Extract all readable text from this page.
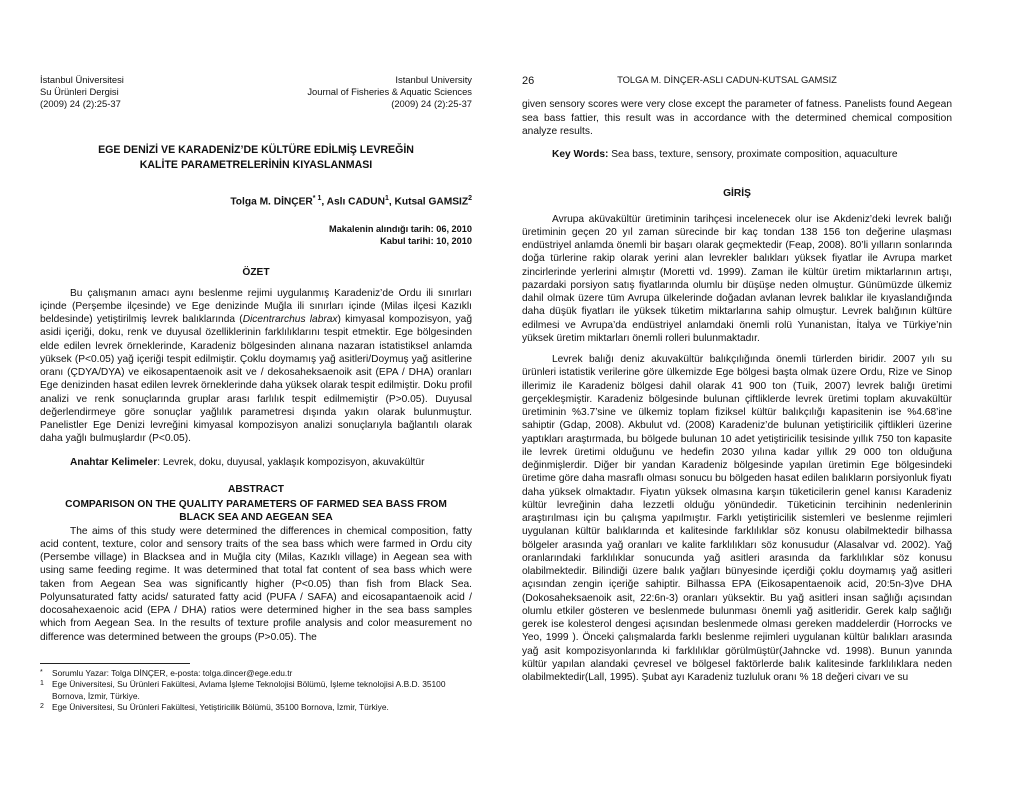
İstanbul Üniversitesi
Su Ürünleri Dergisi
(2009) 24 (2):25-37
Istanbul University
Journal of Fisheries & Aquatic Sciences
(2009) 24 (2):25-37
EGE DENİZİ VE KARADENİZ’DE KÜLTÜRE EDİLMİŞ LEVREĞİN
KALİTE PARAMETRELERİNİN KIYASLANMASI
Tolga M. DİNÇER$^{* 1}$, Aslı CADUN$^1$, Kutsal GAMSIZ$^2$
Makalenin alındığı tarih: 06, 2010
Kabul tarihi: 10, 2010
ÖZET

Bu çalışmanın amacı aynı beslenme rejimi uygulanmış Karadeniz’de Ordu ili sınırları içinde (Perşembe ilçesinde) ve Ege denizinde Muğla ili sınırları içinde (Milas ilçesi Kazıklı beldesinde) yetiştirilmiş levrek balıklarında (Dicentrarchus labrax) kimyasal kompozisyon, yağ asidi içeriği, doku, renk ve duyusal özelliklerinin farklılıklarını tespit etmektir. Ege bölgesinden elde edilen levrek örneklerinde, Karadeniz bölgesinden alınana nazaran istatistiksel anlamda yüksek (P<0.05) yağ içeriği tespit edilmiştir. Çoklu doymamış yağ asitleri/Doymuş yağ asitlerine oranı (ÇDYA/DYA) ve eikosapentaenoik asit ve / dekosaheksaenoik asit (EPA / DHA) oranları Ege denizinden hasat edilen levrek örneklerinde daha yüksek olarak tespit edilmiştir. Doku profil analizi ve renk sonuçlarında gruplar arası farlılık tespit edilmemiştir (P>0.05). Duyusal değerlendirmeye göre sonuçlar yağlılık parametresi dışında yakın olarak bulunmuştur. Panelistler Ege Denizi levreğini kimyasal kompozisyon analizi sonuçlarıyla bağlantılı olarak daha yağlı bulmuşlardır (P<0.05).

Anahtar Kelimeler: Levrek, doku, duyusal, yaklaşık kompozisyon, akuvakültür

ABSTRACT
COMPARISON ON THE QUALITY PARAMETERS OF FARMED SEA BASS FROM
BLACK SEA AND AEGEAN SEA

The aims of this study were determined the differences in chemical composition, fatty acid content, texture, color and sensory traits of the sea bass which were farmed in Ordu city (Persembe village) in Blacksea and in Muğla city (Milas, Kazıklı village) in Aegean sea with using same feeding regime. It was determined that total fat content of sea bass which were taken from Aegean Sea was significantly higher (P<0.05) than fish from Black Sea. Polyunsaturated fatty acids/ saturated fatty acid (PUFA / SAFA) and eicosapantaenoik acid / docosahexaenoic acid (EPA / DHA) ratios were determined higher in the sea bass samples which from Aegean Sea. In the results of texture profile analysis and color measurement no difference was determined between the groups (P>0.05). The

*	Sorumlu Yazar: Tolga DİNÇER, e-posta: tolga.dincer@ege.edu.tr
1 Ege Üniversitesi, Su Ürünleri Fakültesi, Avlama İşleme Teknolojisi Bölümü, İşleme teknolojisi A.B.D. 35100 Bornova, İzmir, Türkiye.
2 Ege Üniversitesi, Su Ürünleri Fakültesi, Yetiştiricilik Bölümü, 35100 Bornova, İzmir, Türkiye.
26	TOLGA M. DİNÇER-ASLI CADUN-KUTSAL GAMSIZ

given sensory scores were very close except the parameter of fatness. Panelists found Aegean sea bass fattier, this result was in accordance with the determined chemical composition analyze results.

Key Words: Sea bass, texture, sensory, proximate composition, aquaculture

GİRİŞ

Avrupa aküvakültür üretiminin tarihçesi incelenecek olur ise Akdeniz’deki levrek balığı üretiminin geçen 20 yıl zaman sürecinde bir kaç tondan 138 156 ton değerine ulaşması endüstriyel anlamda önemli bir başarı olarak geçmektedir (Feap, 2008). 80’li yılların sonlarında doğa türlerine rakip olarak yerini alan levrekler balıkları yüksek fiyatlar ile Avrupa market zincirlerinde yerlerini almıştır (Moretti vd. 1999). Zaman ile kültür üretim miktarlarının artışı, pazardaki porsiyon satış fiyatlarında olumlu bir düşüşe neden olmuştur. Günümüzde ülkemiz dahil olmak üzere tüm Avrupa ülkelerinde doğadan avlanan levrek balıklar ile kıyaslandığında daha düşük fiyatları ile yüksek tüketim miktarlarına sahip olmuştur. Levrek balığının kültüre edilmesi ve Avrupa’da endüstriyel anlamdaki önemli rolü Yunanistan, İtalya ve Türkiye’nin yüksek üretim miktarları önemli rolleri bulunmaktadır.

Levrek balığı deniz akuvakültür balıkçılığında önemli türlerden biridir. 2007 yılı su ürünleri istatistik verilerine göre ülkemizde Ege bölgesi başta olmak üzere Ordu, Rize ve Sinop illerimiz ile Karadeniz bölgesi dahil olarak 41 900 ton (Tuik, 2007) levrek balığı üretimi gerçekleşmiştir. Karadeniz bölgesinde bulunan çiftliklerde levrek üretimi toplam akuvakültür üretiminin %3.7’sine ve ülkemiz toplam fiziksel kültür balıkçılığı kapasitenin ise %4.68’ine sahiptir (Gdap, 2008). Akbulut vd. (2008) Karadeniz’de bulunan yetiştiricilik çiftlikleri üzerine yaptıkları araştırmada, bu bölgede bulunan 10 adet yetiştiricilik tesisinde yıllık 750 ton kapasite ile levrek üretimi olduğunu ve hedefin 2030 yılına kadar yıllık 29 000 ton olduğuna değinmişlerdir. Diğer bir yandan Karadeniz bölgesinde yapılan üretimin Ege bölgesindeki üretime göre daha masraflı olması sonucu bu bölgeden hasat edilen balıkların porsiyonluk fiyatı daha yüksek olmaktadır. Fiyatın yüksek olmasına karşın tüketicilerin genel kanısı Karadeniz kültür levreğinin daha lezzetli olduğu yönündedir. Tüketicinin tercihinin nedenlerinin araştırılması için bu çalışma yapılmıştır. Farklı yetiştiricilik sistemleri ve beslenme rejimleri uygulanan kültür balıklarında et kalitesinde farklılıklar söz konusu olabilmektedir bilhassa bölgeler arasında yağ oranları ve kalite farklılıkları söz konusudur (Alasalvar vd. 2002). Yağ oranlarındaki farklılıklar sonucunda yağ asitleri arasında da farklılıklar söz konusu olabilmektedir. Bilindiği üzere balık yağları bünyesinde içerdiği çoklu doymamış yağ asitleri açısından zengin içeriğe sahiptir. Bilhassa EPA (Eikosapentaenoik acid, 20:5n-3)ve DHA (Dokosaheksaenoik asit, 22:6n-3) oranları yüksektir. Bu yağ asitleri insan sağlığı açısından olumlu etkiler gösteren ve beslenmede bulunması önemli yağ asitleridir. Gerek kalp sağlığı gerek ise kolesterol dengesi açısından beslenmede olması gereken maddelerdir (Horrocks ve Yeo, 1999 ). Önceki çalışmalarda farklı beslenme rejimleri uygulanan kültür balıkları arasında yağ asit kompozisyonlarında ki farklılıklar görülmüştür(Jahncke vd. 1998). Bunun yanında kültür yapılan alandaki çevresel ve bölgesel faktörlerde balık kalitesinde farklılıklara neden olabilmektedir(Lall, 1995). Şubat ayı Karadeniz tuzluluk oranı % 18 değeri civarı ve su
